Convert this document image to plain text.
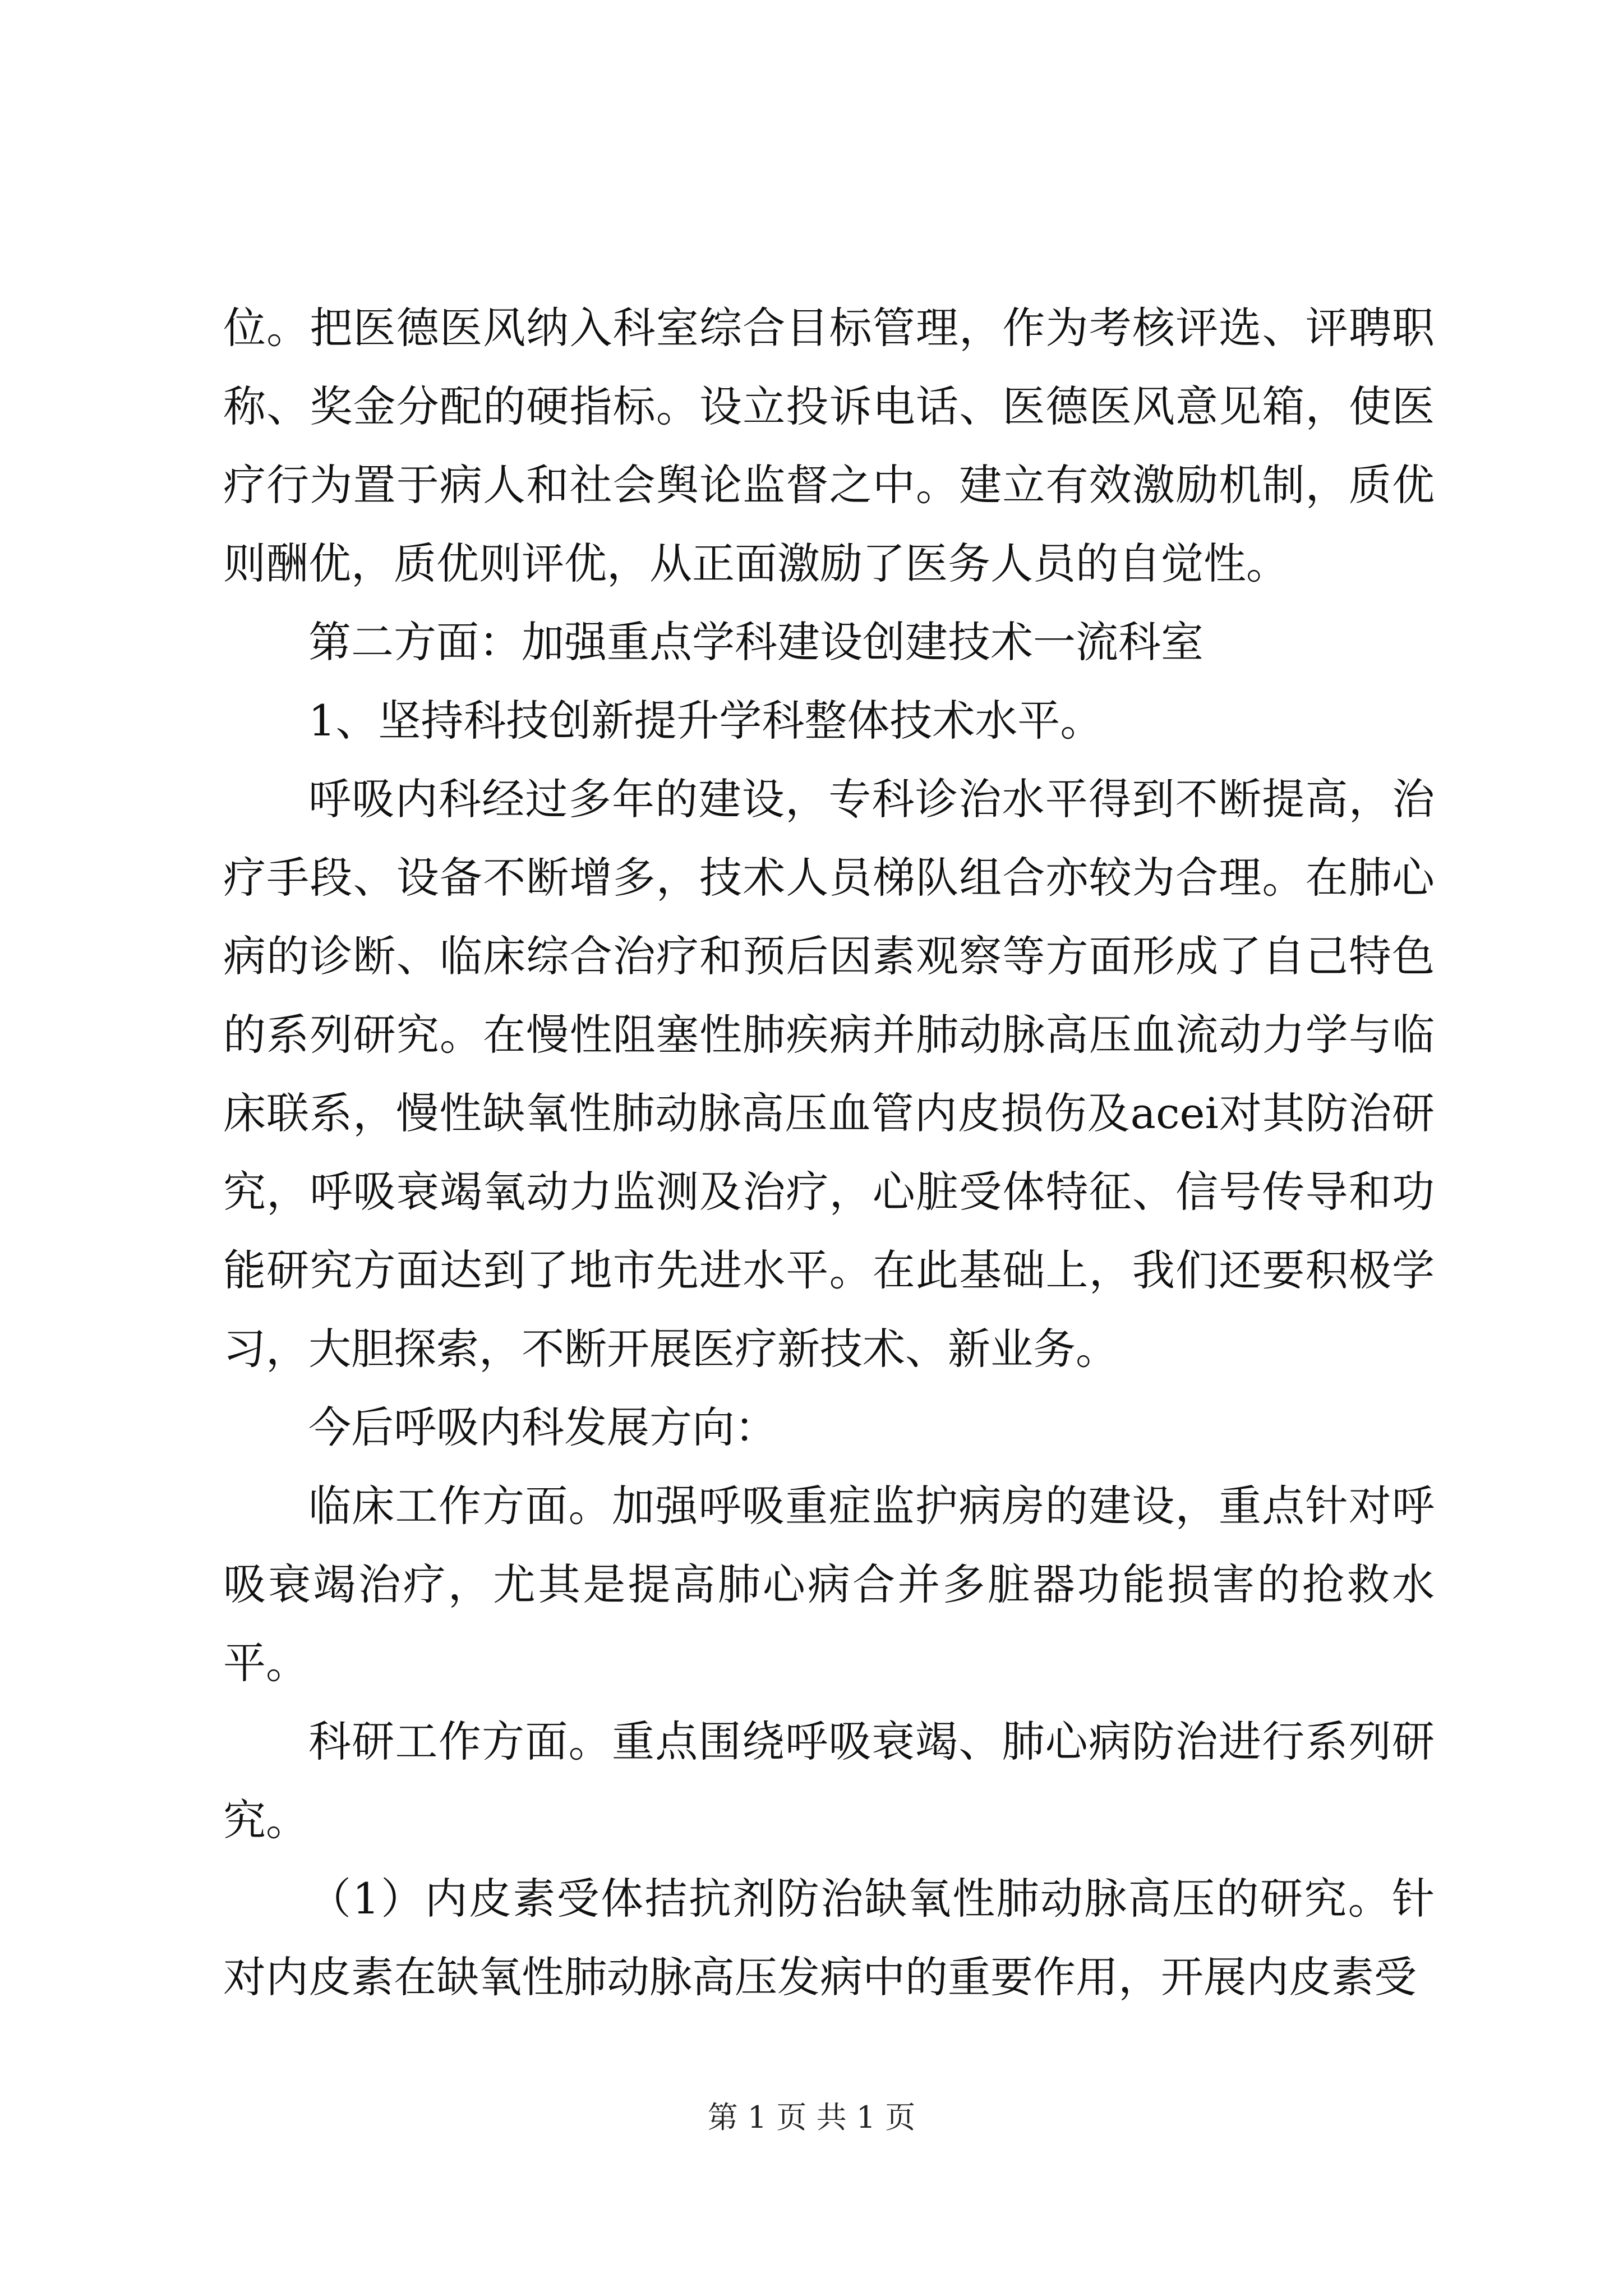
位。把医德医风纳入科室综合目标管理，作为考核评选、评聘职称、奖金分配的硬指标。设立投诉电话、医德医风意见箱，使医疗行为置于病人和社会舆论监督之中。建立有效激励机制，质优则酬优，质优则评优，从正面激励了医务人员的自觉性。

第二方面：加强重点学科建设创建技术一流科室

1、坚持科技创新提升学科整体技术水平。

呼吸内科经过多年的建设，专科诊治水平得到不断提高，治疗手段、设备不断增多，技术人员梯队组合亦较为合理。在肺心病的诊断、临床综合治疗和预后因素观察等方面形成了自己特色的系列研究。在慢性阻塞性肺疾病并肺动脉高压血流动力学与临床联系，慢性缺氧性肺动脉高压血管内皮损伤及acei对其防治研究，呼吸衰竭氧动力监测及治疗，心脏受体特征、信号传导和功能研究方面达到了地市先进水平。在此基础上，我们还要积极学习，大胆探索，不断开展医疗新技术、新业务。

今后呼吸内科发展方向：

临床工作方面。加强呼吸重症监护病房的建设，重点针对呼吸衰竭治疗，尤其是提高肺心病合并多脏器功能损害的抢救水平。

科研工作方面。重点围绕呼吸衰竭、肺心病防治进行系列研究。

（1）内皮素受体拮抗剂防治缺氧性肺动脉高压的研究。针对内皮素在缺氧性肺动脉高压发病中的重要作用，开展内皮素受

第 1 页 共 1 页
